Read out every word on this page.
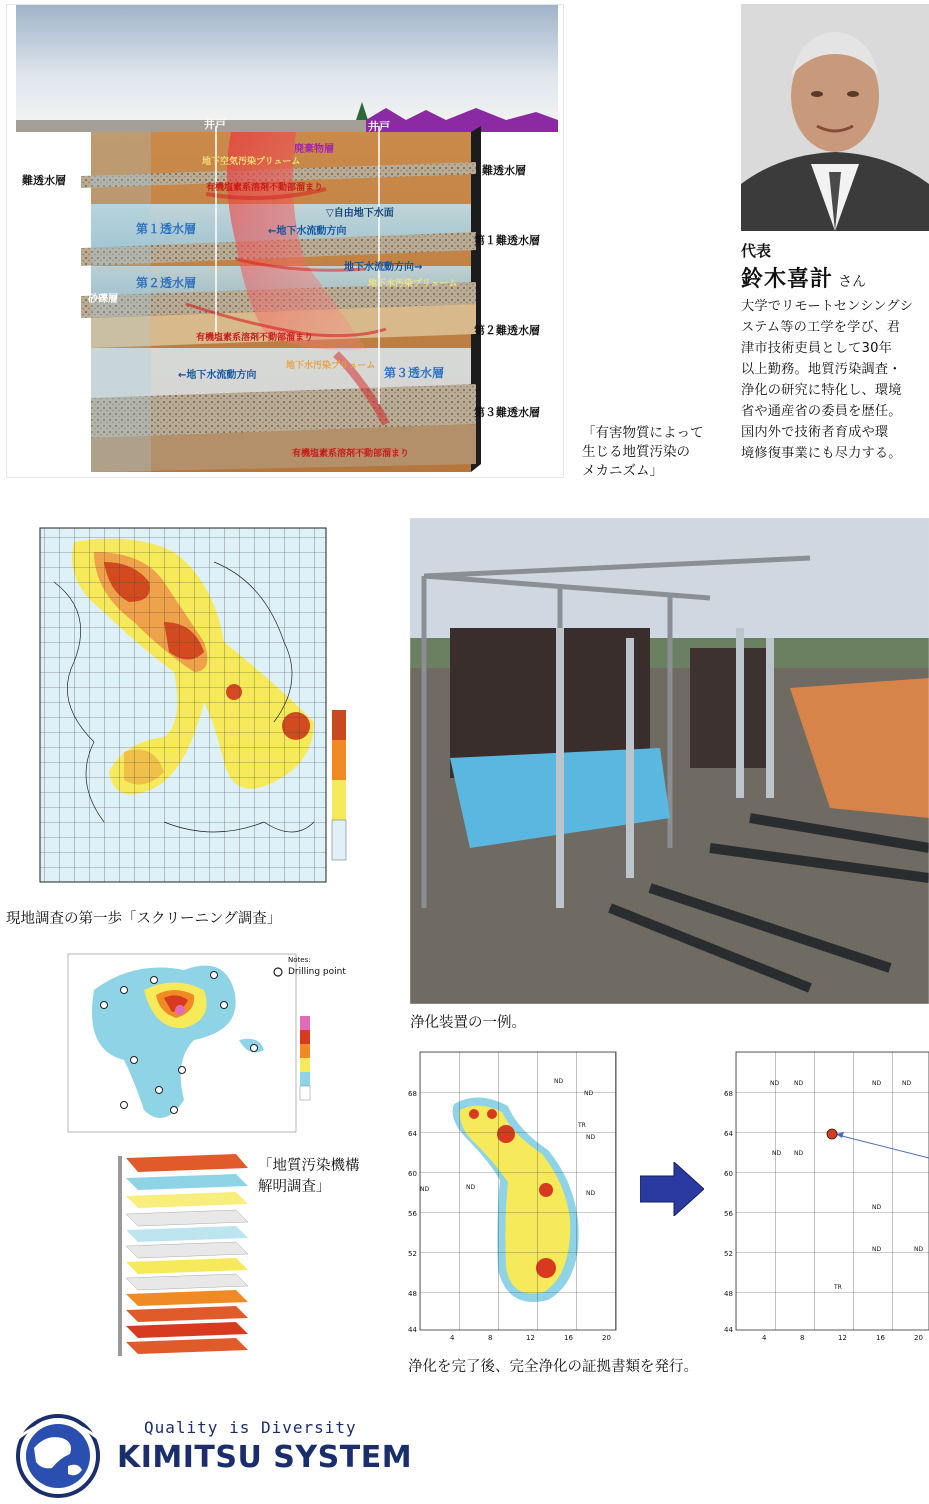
井戸	井戸
難透水層
砂礫層
難透水層
第１難透水層
第２難透水層
第３難透水層
廃棄物層
地下空気汚染プリューム
有機塩素系溶剤不動部溜まり
▽自由地下水面
第１透水層	←地下水流動方向
第２透水層
地下水流動方向→
地下水汚染プリューム
有機塩素系溶剤不動部溜まり
地下水汚染プリューム
←地下水流動方向	第３透水層
有機塩素系溶剤不動部溜まり
「有害物質によって
生じる地質汚染の
メカニズム」
代表
鈴木喜計 さん
大学でリモートセンシングシ
ステム等の工学を学び、君
津市技術吏員として30年
以上勤務。地質汚染調査・
浄化の研究に特化し、環境
省や通産省の委員を歴任。
国内外で技術者育成や環
境修復事業にも尽力する。
現地調査の第一歩「スクリーニング調査」
Notes:
Drilling point
「地質汚染機構
解明調査」
浄化装置の一例。
68
64
60
56
52
48
44
4	8	12	16	20
ND
TR
ND
ND
ND	ND
ND
68
64
60
56
52
48
44
4	8	12	16	20
ND ND	ND	ND
ND ND
ND
ND
TR
ND
浄化を完了後、完全浄化の証拠書類を発行。
Quality is Diversity
KIMITSU SYSTEM
